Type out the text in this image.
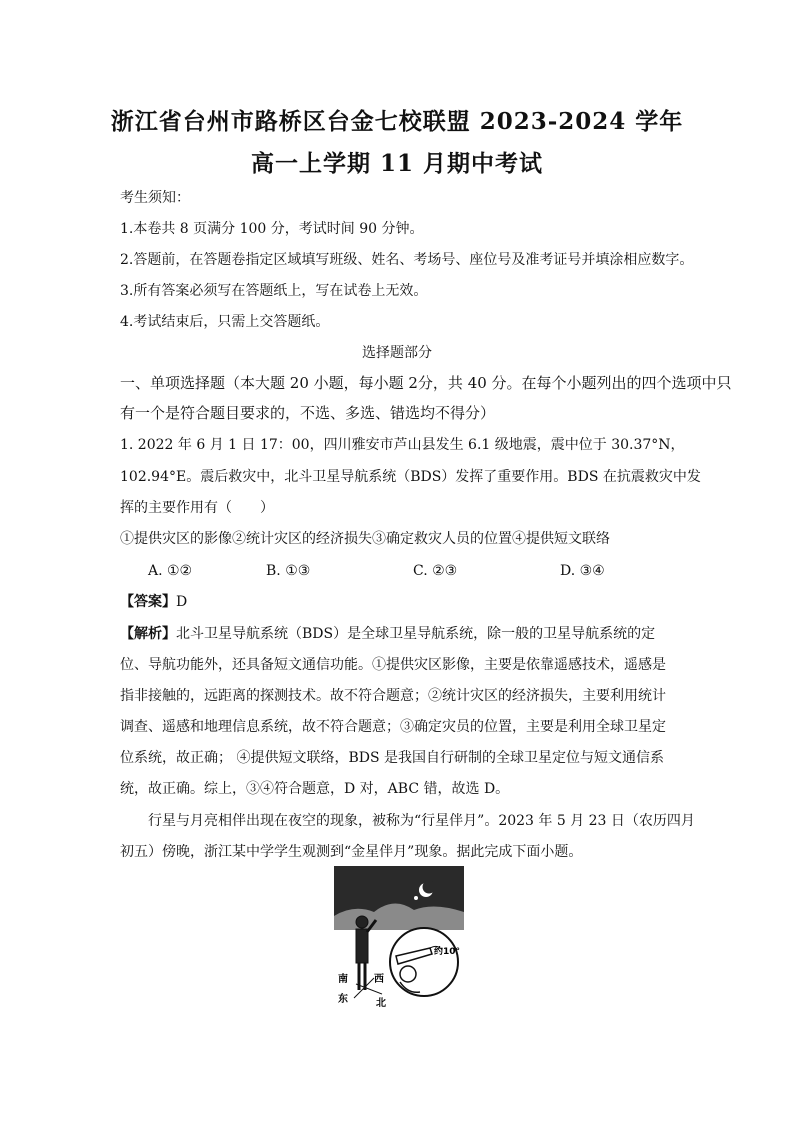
浙江省台州市路桥区台金七校联盟 2023-2024 学年
高一上学期 11 月期中考试
考生须知：
1.本卷共 8 页满分 100 分，考试时间 90 分钟。
2.答题前，在答题卷指定区域填写班级、姓名、考场号、座位号及准考证号并填涂相应数字。
3.所有答案必须写在答题纸上，写在试卷上无效。
4.考试结束后，只需上交答题纸。
选择题部分
一、单项选择题（本大题 20 小题，每小题 2分，共 40 分。在每个小题列出的四个选项中只
有一个是符合题目要求的，不选、多选、错选均不得分）
1. 2022 年 6 月 1 日 17：00，四川雅安市芦山县发生 6.1 级地震，震中位于 30.37°N，
102.94°E。震后救灾中，北斗卫星导航系统（BDS）发挥了重要作用。BDS 在抗震救灾中发
挥的主要作用有（　　）
①提供灾区的影像②统计灾区的经济损失③确定救灾人员的位置④提供短文联络
A. ①②	B. ①③	C. ②③	D. ③④
【答案】D
【解析】北斗卫星导航系统（BDS）是全球卫星导航系统，除一般的卫星导航系统的定
位、导航功能外，还具备短文通信功能。①提供灾区影像，主要是依靠遥感技术，遥感是
指非接触的，远距离的探测技术。故不符合题意；②统计灾区的经济损失，主要利用统计
调查、遥感和地理信息系统，故不符合题意；③确定灾员的位置，主要是利用全球卫星定
位系统，故正确； ④提供短文联络，BDS 是我国自行研制的全球卫星定位与短文通信系
统，故正确。综上，③④符合题意，D 对，ABC 错，故选 D。
行星与月亮相伴出现在夜空的现象，被称为“行星伴月”。2023 年 5 月 23 日（农历四月
初五）傍晚，浙江某中学学生观测到“金星伴月”现象。据此完成下面小题。
南	西
东	北
约10°
